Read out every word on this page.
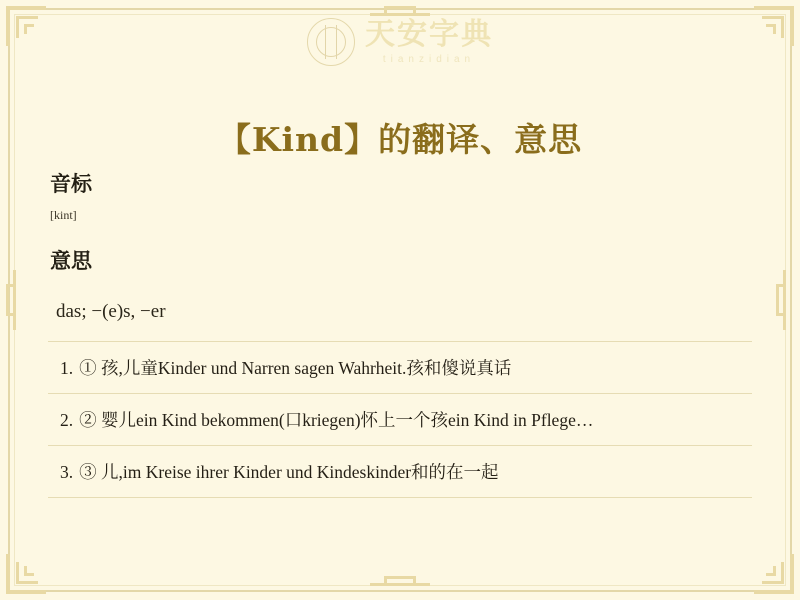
天安字典
tianzidian
【Kind】的翻译、意思
音标
[kint]
意思
das; −(e)s, −er
1. ① 孩,儿童Kinder und Narren sagen Wahrheit.孩和傻说真话
2. ② 婴儿ein Kind bekommen(口kriegen)怀上一个孩ein Kind in Pflege…
3. ③ 儿,im Kreise ihrer Kinder und Kindeskinder和的在一起
